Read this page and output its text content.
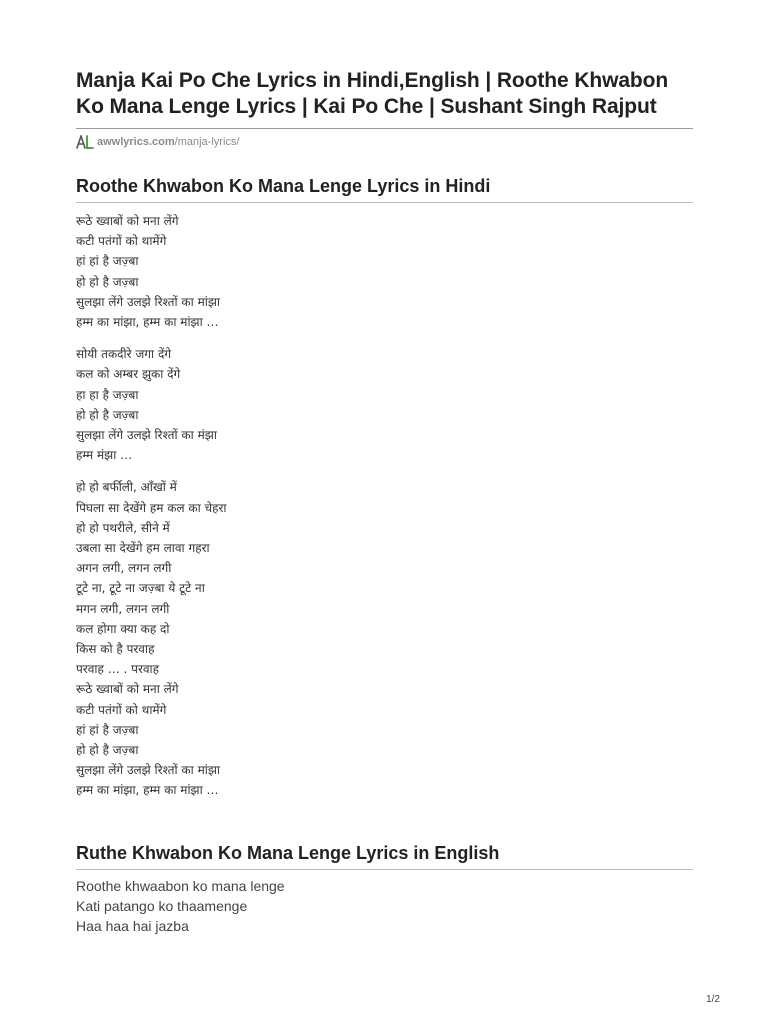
Manja Kai Po Che Lyrics in Hindi,English | Roothe Khwabon Ko Mana Lenge Lyrics | Kai Po Che | Sushant Singh Rajput
awwlyrics.com /manja-lyrics/
Roothe Khwabon Ko Mana Lenge Lyrics in Hindi

रूठे ख्वाबों को मना लेंगे
कटी पतंगों को थामेंगे
हां हां है जज़्बा
हो हो है जज़्बा
सुलझा लेंगे उलझे रिश्तों का मांझा
हम्म का मांझा, हम्म का मांझा …

सोयी तकदीरे जगा देंगे
कल को अम्बर झुका देंगे
हा हा है जज़्बा
हो हो है जज़्बा
सुलझा लेंगे उलझे रिश्तों का मंझा
हम्म मंझा …

हो हो बर्फीली, आँखों में
पिघला सा देखेंगे हम कल का चेहरा
हो हो पथरीले, सीने में
उबला सा देखेंगे हम लावा गहरा
अगन लगी, लगन लगी
टूटे ना, टूटे ना जज़्बा ये टूटे ना
मगन लगी, लगन लगी
कल होगा क्या कह दो
किस को है परवाह
परवाह … . परवाह
रूठे ख्वाबों को मना लेंगे
कटी पतंगों को थामेंगे
हां हां है जज़्बा
हो हो है जज़्बा
सुलझा लेंगे उलझे रिश्तों का मांझा
हम्म का मांझा, हम्म का मांझा …

Ruthe Khwabon Ko Mana Lenge Lyrics in English
Roothe khwaabon ko mana lenge
Kati patango ko thaamenge
Haa haa hai jazba
1/2
